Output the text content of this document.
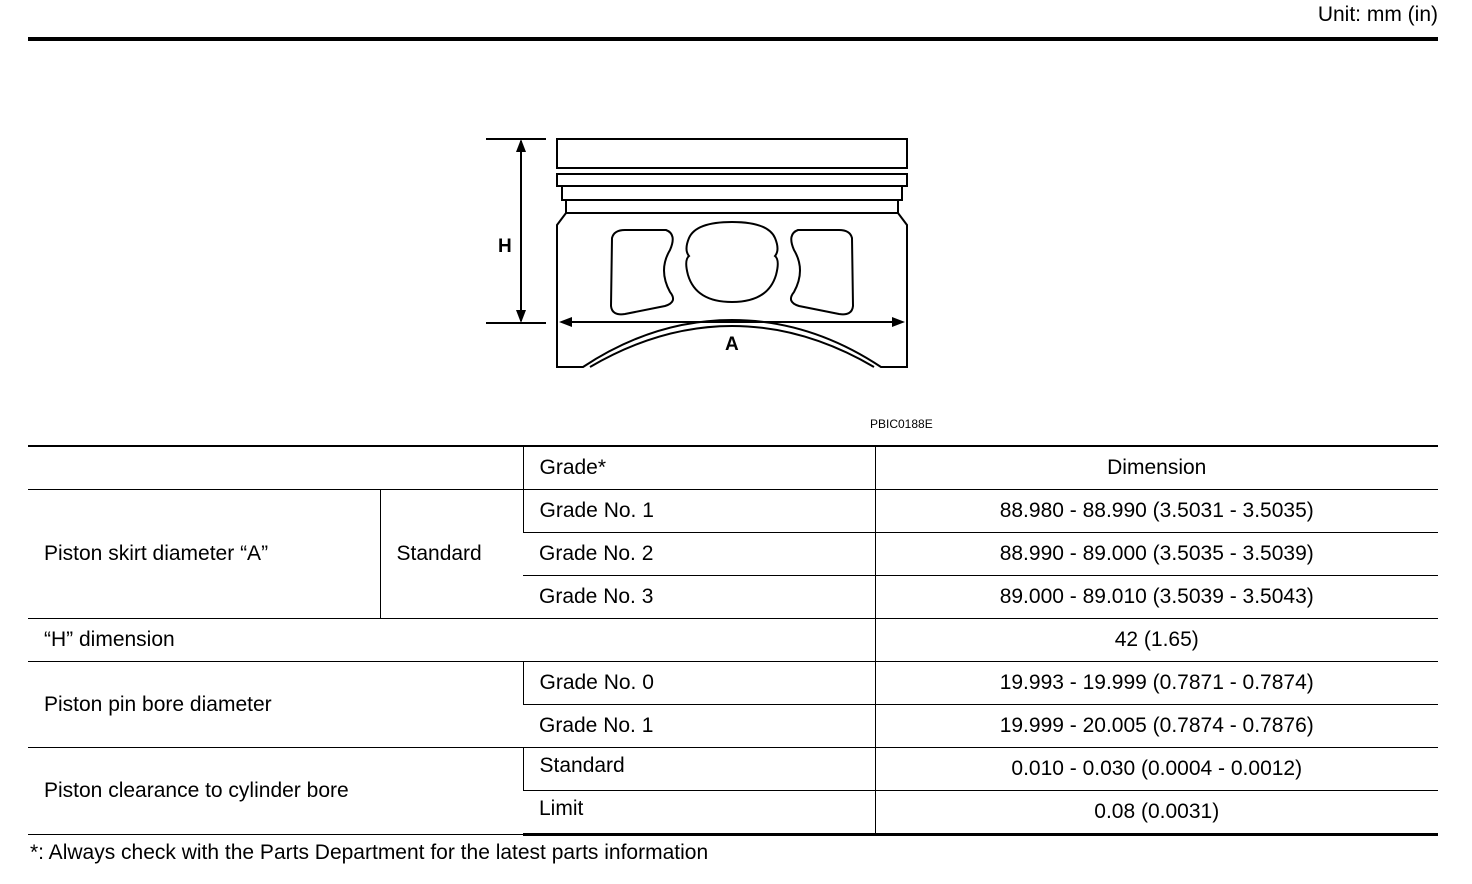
Unit: mm (in)
H
A
PBIC0188E
		Grade*	Dimension
Piston skirt diameter “A”	Standard	Grade No. 1	88.980 - 88.990 (3.5031 - 3.5035)
		Grade No. 2	88.990 - 89.000 (3.5035 - 3.5039)
		Grade No. 3	89.000 - 89.010 (3.5039 - 3.5043)
“H” dimension			42 (1.65)
Piston pin bore diameter		Grade No. 0	19.993 - 19.999 (0.7871 - 0.7874)
		Grade No. 1	19.999 - 20.005 (0.7874 - 0.7876)
Piston clearance to cylinder bore		Standard	0.010 - 0.030 (0.0004 - 0.0012)
		Limit	0.08 (0.0031)
*: Always check with the Parts Department for the latest parts information
